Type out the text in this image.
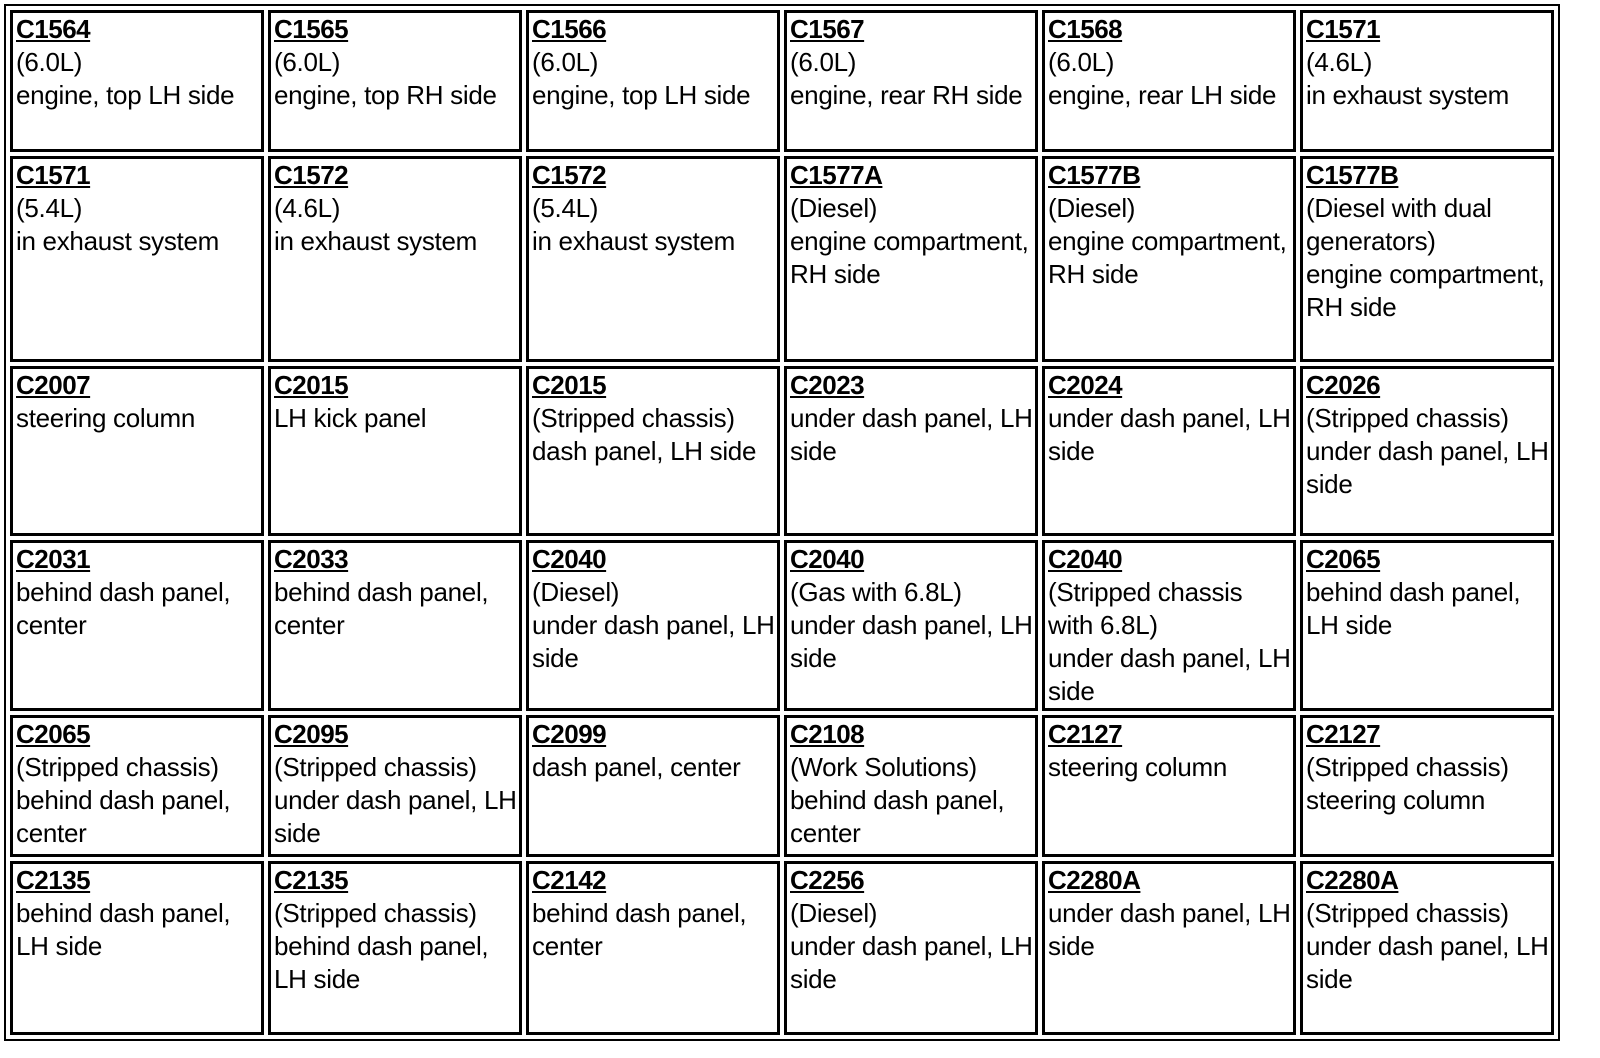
C1564
(6.0L)
engine, top LH side	C1565
(6.0L)
engine, top RH side	C1566
(6.0L)
engine, top LH side	C1567
(6.0L)
engine, rear RH side	C1568
(6.0L)
engine, rear LH side	C1571
(4.6L)
in exhaust system

C1571
(5.4L)
in exhaust system	C1572
(4.6L)
in exhaust system	C1572
(5.4L)
in exhaust system	C1577A
(Diesel)
engine compartment, RH side	C1577B
(Diesel)
engine compartment, RH side	C1577B
(Diesel with dual generators)
engine compartment, RH side

C2007
steering column	C2015
LH kick panel	C2015
(Stripped chassis)
dash panel, LH side	C2023
under dash panel, LH side	C2024
under dash panel, LH side	C2026
(Stripped chassis)
under dash panel, LH side

C2031
behind dash panel, center	C2033
behind dash panel, center	C2040
(Diesel)
under dash panel, LH side	C2040
(Gas with 6.8L)
under dash panel, LH side	C2040
(Stripped chassis with 6.8L)
under dash panel, LH side	C2065
behind dash panel, LH side

C2065
(Stripped chassis)
behind dash panel, center	C2095
(Stripped chassis)
under dash panel, LH side	C2099
dash panel, center	C2108
(Work Solutions)
behind dash panel, center	C2127
steering column	C2127
(Stripped chassis)
steering column

C2135
behind dash panel, LH side	C2135
(Stripped chassis)
behind dash panel, LH side	C2142
behind dash panel, center	C2256
(Diesel)
under dash panel, LH side	C2280A
under dash panel, LH side	C2280A
(Stripped chassis)
under dash panel, LH side
